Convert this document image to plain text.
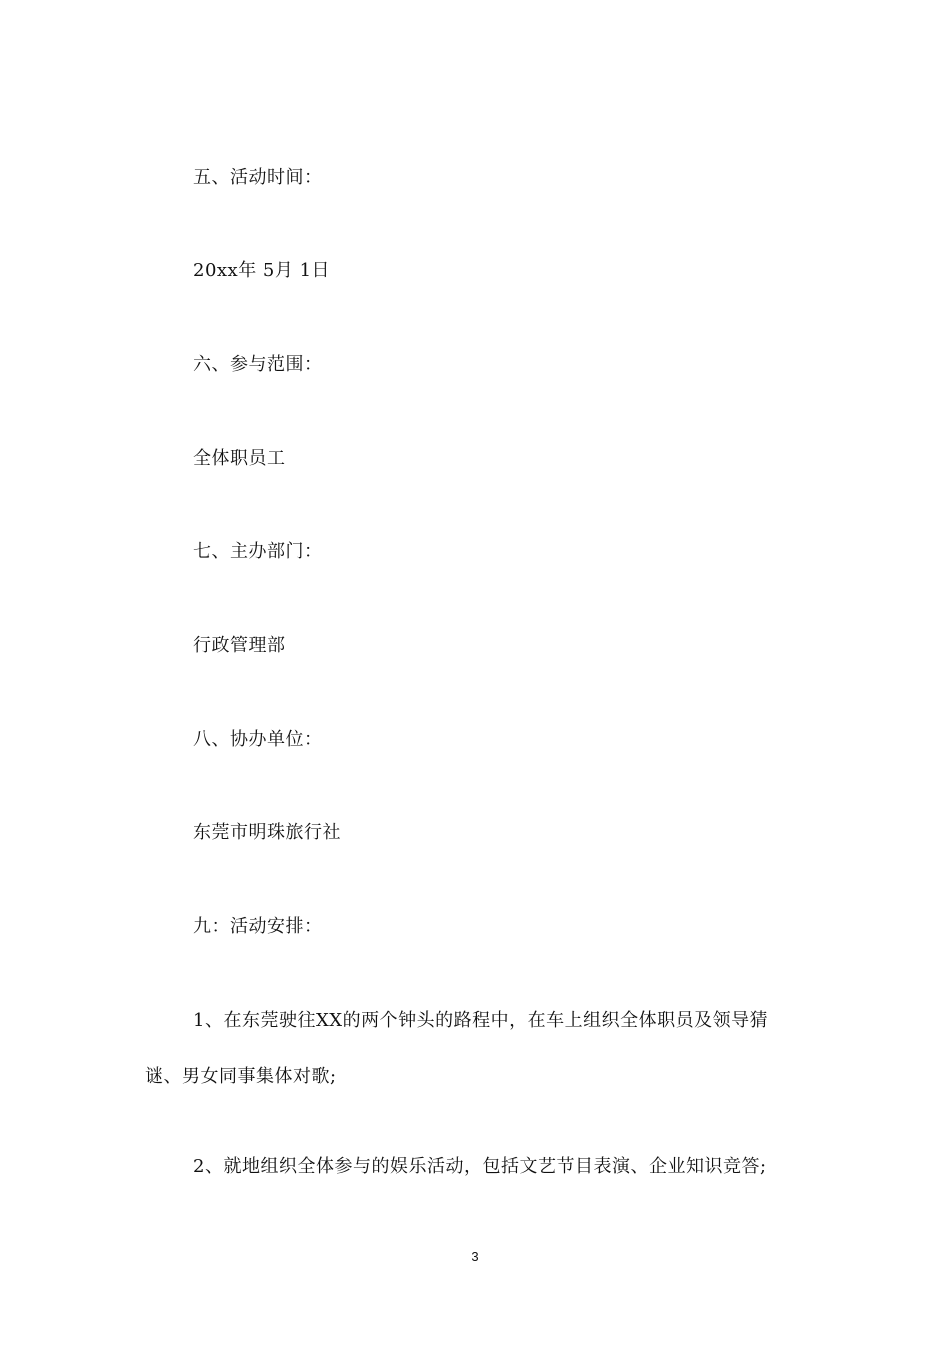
五、活动时间：
20xx年 5月 1日
六、参与范围：
全体职员工
七、主办部门：
行政管理部
八、协办单位：
东莞市明珠旅行社
九：活动安排：
1、在东莞驶往XX的两个钟头的路程中，在车上组织全体职员及领导猜
谜、男女同事集体对歌;
2、就地组织全体参与的娱乐活动，包括文艺节目表演、企业知识竞答;
3
